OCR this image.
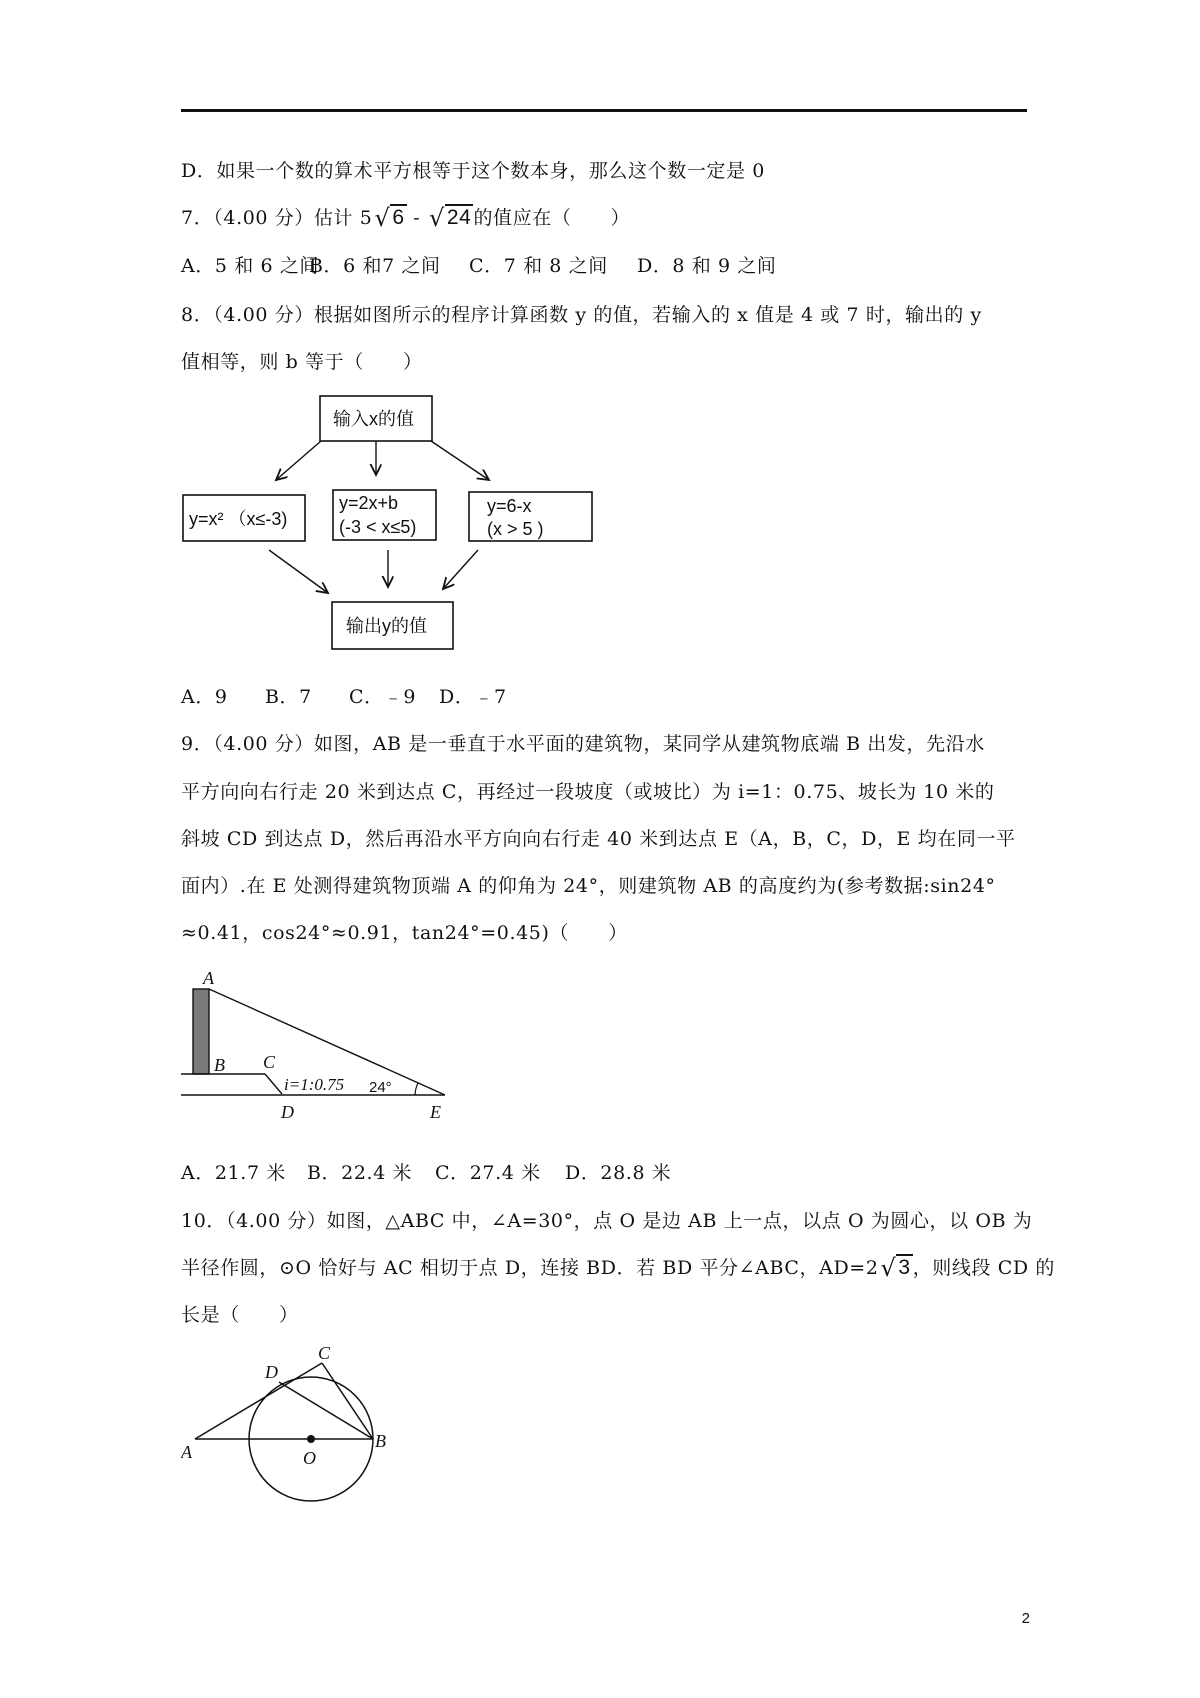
D．如果一个数的算术平方根等于这个数本身，那么这个数一定是 0
7．（4.00 分）估计 5√6 - √24 的值应在（　　）
A．5 和 6 之间B．6 和7 之间 C．7 和 8 之间 D．8 和 9 之间
8．（4.00 分）根据如图所示的程序计算函数 y 的值，若输入的 x 值是 4 或 7 时，输出的 y
值相等，则 b 等于（　　）
输入x的值
y=x² （x≤-3)
y=2x+b
(-3 < x≤5)
y=6-x
(x > 5 )
输出y的值
A．9 B．7 C．﹣9 D．﹣7
9．（4.00 分）如图，AB 是一垂直于水平面的建筑物，某同学从建筑物底端 B 出发，先沿水
平方向向右行走 20 米到达点 C，再经过一段坡度（或坡比）为 i=1：0.75、坡长为 10 米的
斜坡 CD 到达点 D，然后再沿水平方向向右行走 40 米到达点 E（A，B，C，D，E 均在同一平
面内）.在 E 处测得建筑物顶端 A 的仰角为 24°，则建筑物 AB 的高度约为(参考数据:sin24°
≈0.41，cos24°≈0.91，tan24°=0.45)（　　）
A
B C
D	E
i=1:0.75 24°
A．21.7 米 B．22.4 米 C．27.4 米 D．28.8 米
10．（4.00 分）如图，△ABC 中，∠A=30°，点 O 是边 AB 上一点，以点 O 为圆心，以 OB 为
半径作圆，⊙O 恰好与 AC 相切于点 D，连接 BD．若 BD 平分∠ABC，AD=2√3 ，则线段 CD 的
长是（　　）
A
B
C
D
O
2
